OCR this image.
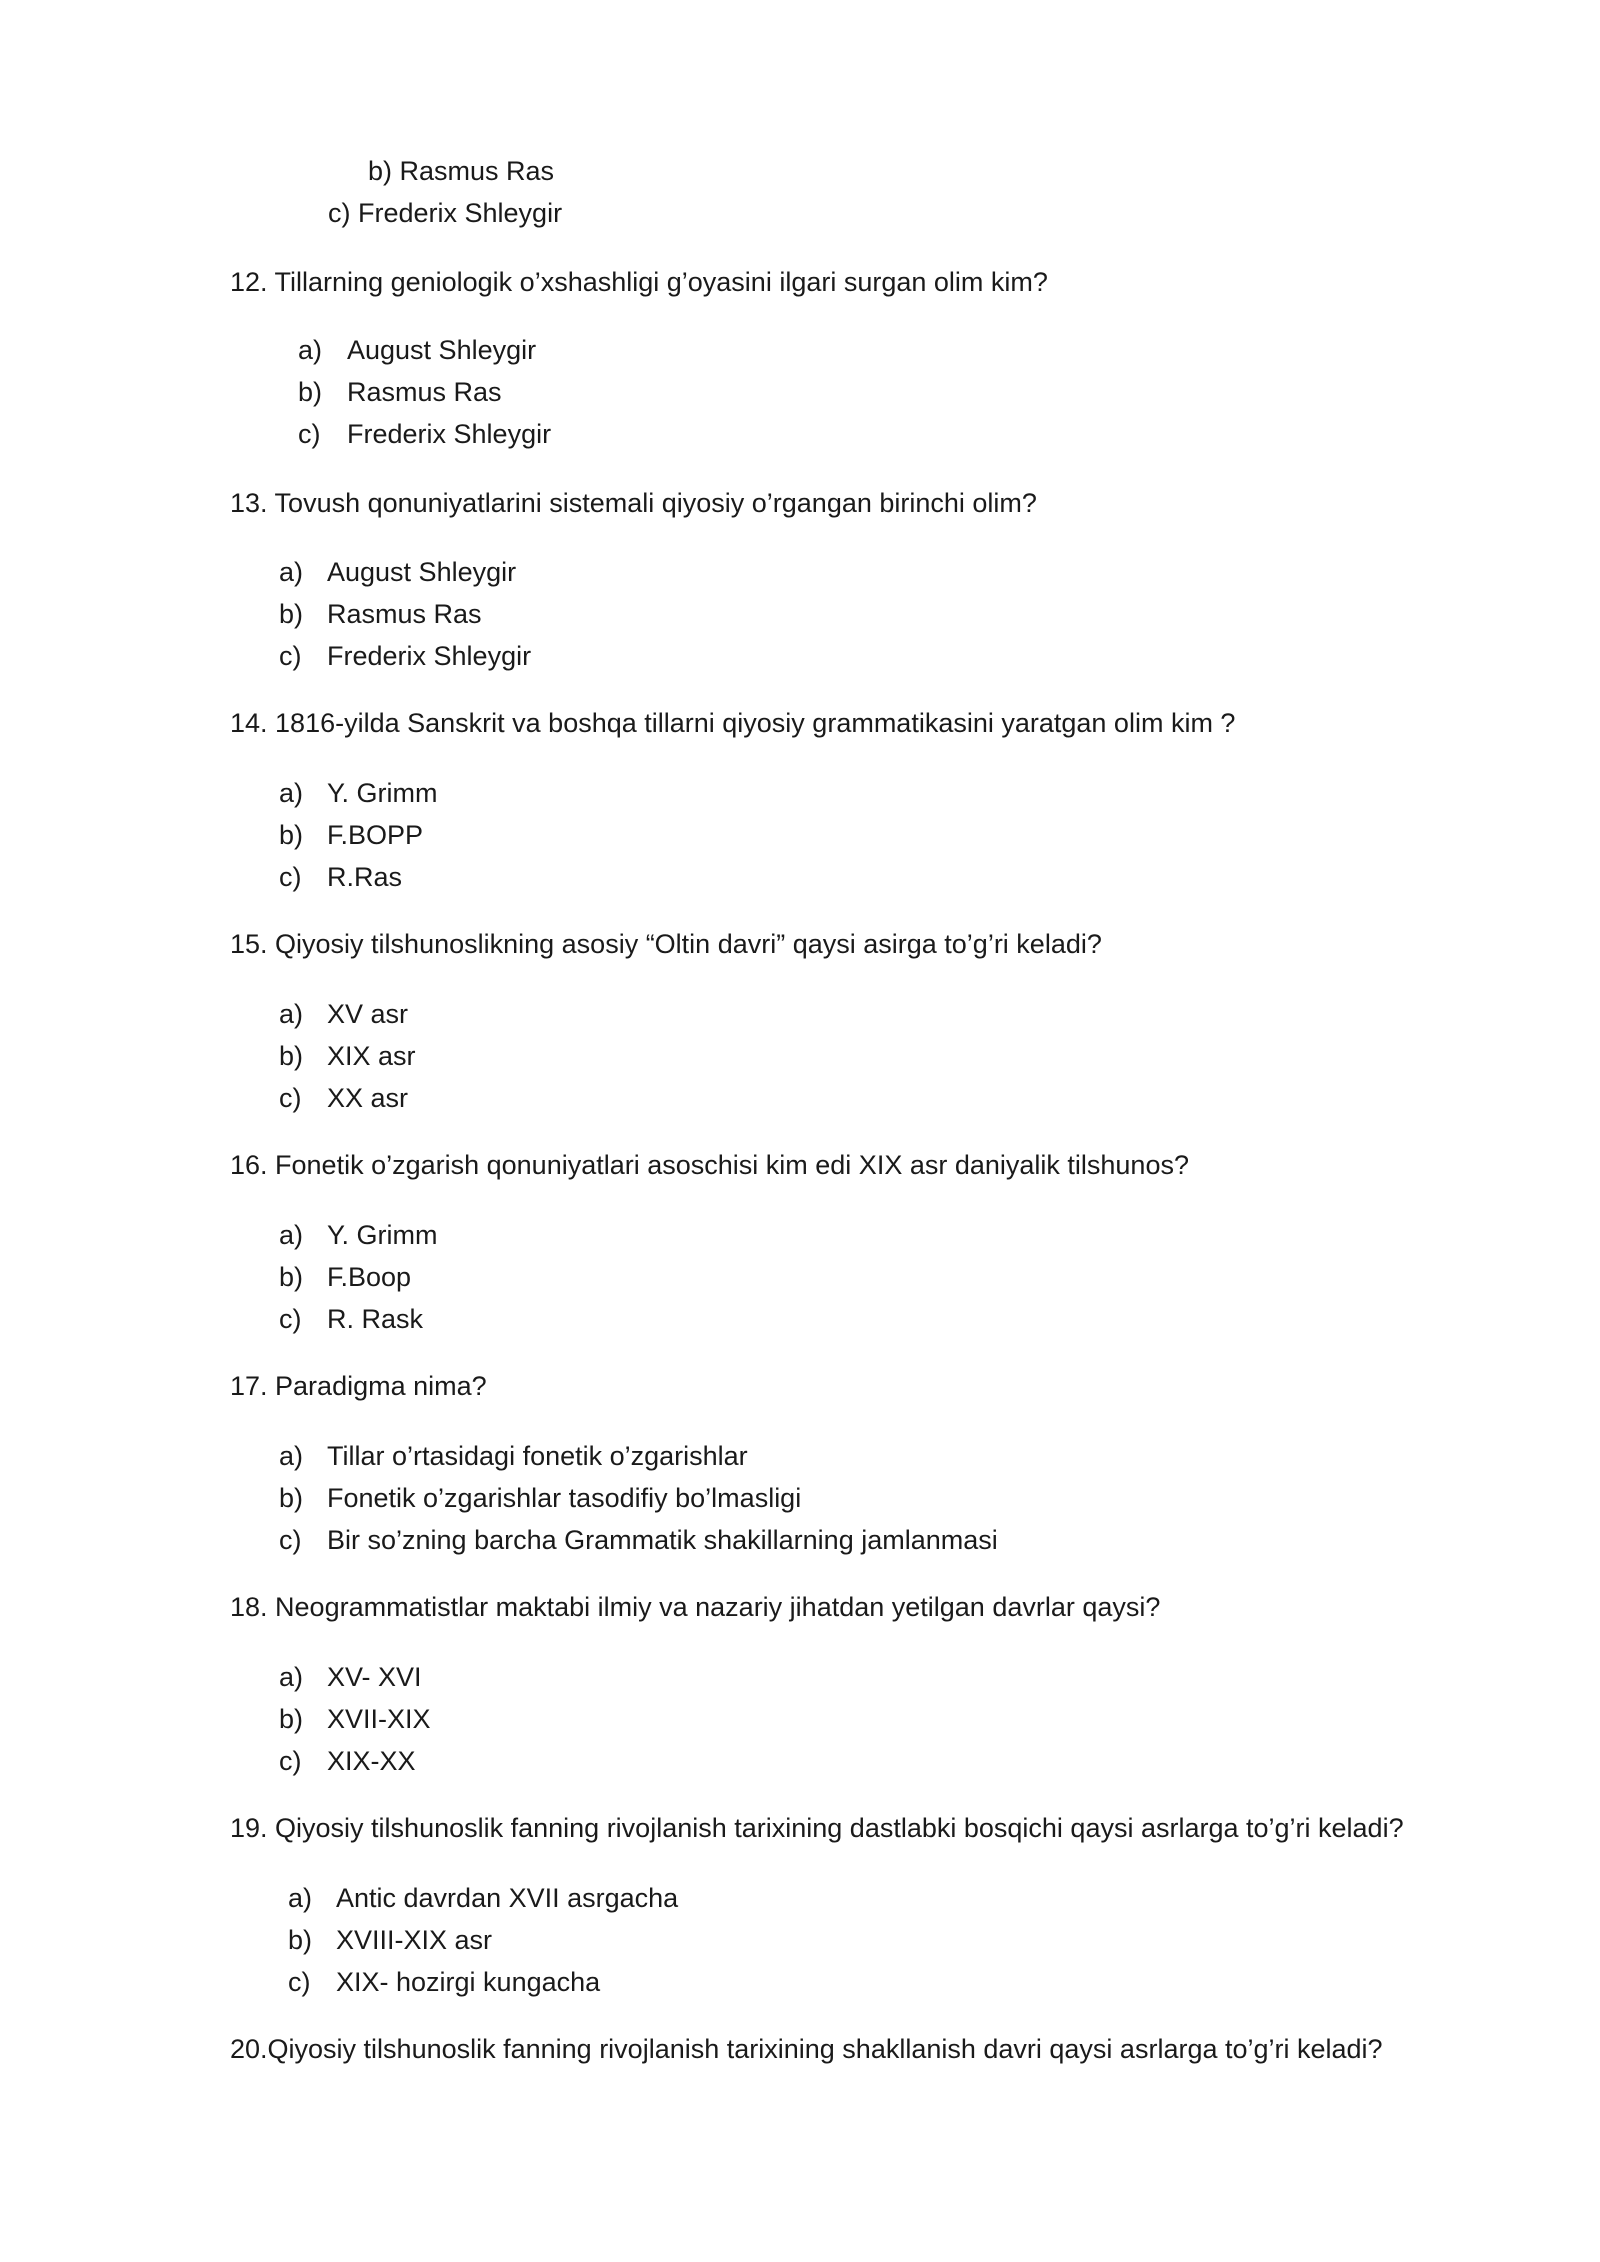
b) Rasmus Ras
c) Frederix Shleygir
12. Tillarning geniologik o’xshashligi g’oyasini ilgari surgan olim kim?
a) August Shleygir
b) Rasmus Ras
c) Frederix Shleygir
13. Tovush qonuniyatlarini sistemali qiyosiy o’rgangan birinchi olim?
a) August Shleygir
b) Rasmus Ras
c) Frederix Shleygir
14. 1816-yilda Sanskrit va boshqa tillarni qiyosiy grammatikasini yaratgan olim kim ?
a) Y. Grimm
b) F.BOPP
c) R.Ras
15. Qiyosiy tilshunoslikning asosiy “Oltin davri” qaysi asirga to’g’ri keladi?
a) XV asr
b) XIX asr
c) XX asr
16. Fonetik o’zgarish qonuniyatlari asoschisi kim edi XIX asr daniyalik tilshunos?
a) Y. Grimm
b) F.Boop
c) R. Rask
17. Paradigma nima?
a) Tillar o’rtasidagi fonetik o’zgarishlar
b) Fonetik o’zgarishlar tasodifiy bo’lmasligi
c) Bir so’zning barcha Grammatik shakillarning jamlanmasi
18. Neogrammatistlar maktabi ilmiy va nazariy jihatdan yetilgan davrlar qaysi?
a) XV- XVI
b) XVII-XIX
c) XIX-XX
19. Qiyosiy tilshunoslik fanning rivojlanish tarixining dastlabki bosqichi qaysi asrlarga to’g’ri keladi?
a) Antic davrdan XVII asrgacha
b) XVIII-XIX asr
c) XIX- hozirgi kungacha
20.Qiyosiy tilshunoslik fanning rivojlanish tarixining shakllanish davri qaysi asrlarga to’g’ri keladi?
